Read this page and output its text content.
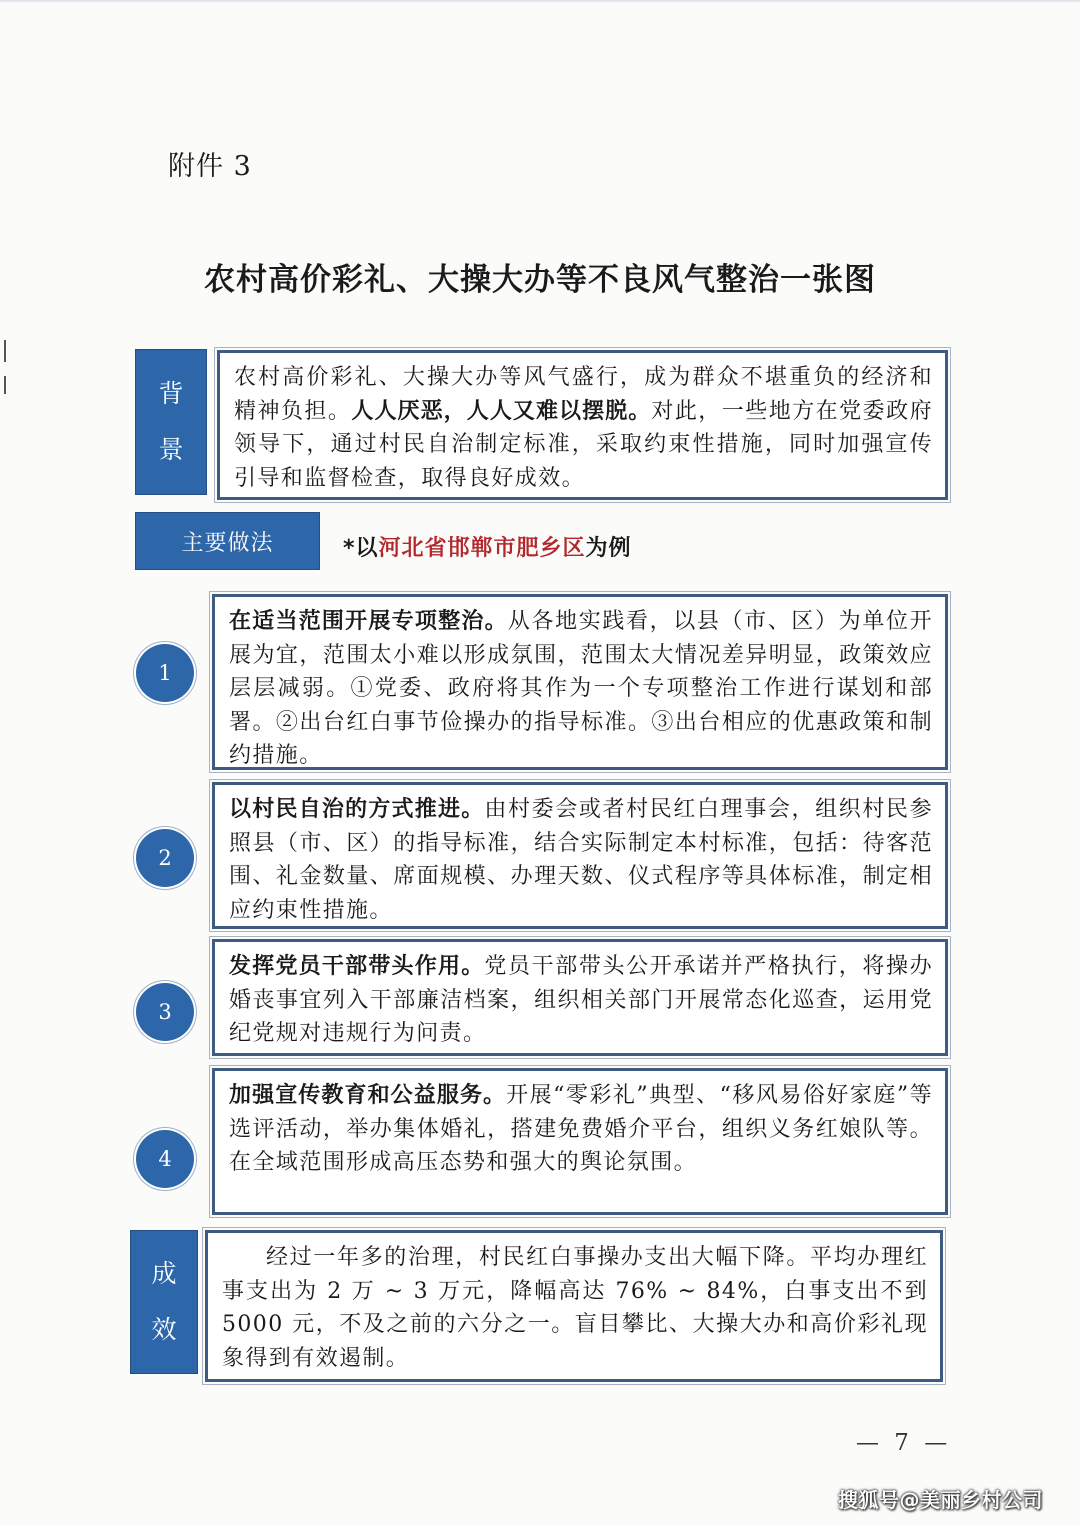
附件 3
农村高价彩礼、大操大办等不良风气整治一张图
背
景
农村高价彩礼、大操大办等风气盛行，成为群众不堪重负的经济和精神负担。人人厌恶，人人又难以摆脱。对此，一些地方在党委政府领导下，通过村民自治制定标准，采取约束性措施，同时加强宣传引导和监督检查，取得良好成效。
主要做法	*以河北省邯郸市肥乡区为例
1
在适当范围开展专项整治。从各地实践看，以县（市、区）为单位开展为宜，范围太小难以形成氛围，范围太大情况差异明显，政策效应层层减弱。①党委、政府将其作为一个专项整治工作进行谋划和部署。②出台红白事节俭操办的指导标准。③出台相应的优惠政策和制约措施。
2
以村民自治的方式推进。由村委会或者村民红白理事会，组织村民参照县（市、区）的指导标准，结合实际制定本村标准，包括：待客范围、礼金数量、席面规模、办理天数、仪式程序等具体标准，制定相应约束性措施。
3
发挥党员干部带头作用。党员干部带头公开承诺并严格执行，将操办婚丧事宜列入干部廉洁档案，组织相关部门开展常态化巡查，运用党纪党规对违规行为问责。
4
加强宣传教育和公益服务。开展“零彩礼”典型、“移风易俗好家庭”等选评活动，举办集体婚礼，搭建免费婚介平台，组织义务红娘队等。在全域范围形成高压态势和强大的舆论氛围。
成
效
经过一年多的治理，村民红白事操办支出大幅下降。平均办理红事支出为 2 万 ~ 3 万元，降幅高达 76% ~ 84%，白事支出不到 5000 元，不及之前的六分之一。盲目攀比、大操大办和高价彩礼现象得到有效遏制。
— 7 —
搜狐号@美丽乡村公司
